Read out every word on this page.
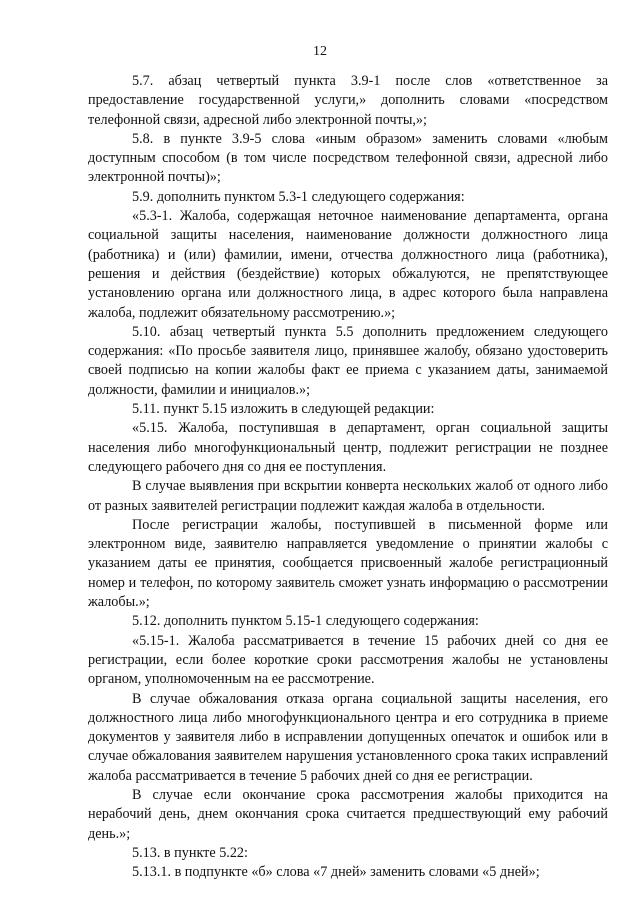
12

5.7. абзац четвертый пункта 3.9-1 после слов «ответственное за предоставление государственной услуги,» дополнить словами «посредством телефонной связи, адресной либо электронной почты,»;

5.8. в пункте 3.9-5 слова «иным образом» заменить словами «любым доступным способом (в том числе посредством телефонной связи, адресной либо электронной почты)»;

5.9. дополнить пунктом 5.3-1 следующего содержания:

«5.3-1. Жалоба, содержащая неточное наименование департамента, органа социальной защиты населения, наименование должности должностного лица (работника) и (или) фамилии, имени, отчества должностного лица (работника), решения и действия (бездействие) которых обжалуются, не препятствующее установлению органа или должностного лица, в адрес которого была направлена жалоба, подлежит обязательному рассмотрению.»;

5.10. абзац четвертый пункта 5.5 дополнить предложением следующего содержания: «По просьбе заявителя лицо, принявшее жалобу, обязано удостоверить своей подписью на копии жалобы факт ее приема с указанием даты, занимаемой должности, фамилии и инициалов.»;

5.11. пункт 5.15 изложить в следующей редакции:

«5.15. Жалоба, поступившая в департамент, орган социальной защиты населения либо многофункциональный центр, подлежит регистрации не позднее следующего рабочего дня со дня ее поступления.

В случае выявления при вскрытии конверта нескольких жалоб от одного либо от разных заявителей регистрации подлежит каждая жалоба в отдельности.

После регистрации жалобы, поступившей в письменной форме или электронном виде, заявителю направляется уведомление о принятии жалобы с указанием даты ее принятия, сообщается присвоенный жалобе регистрационный номер и телефон, по которому заявитель сможет узнать информацию о рассмотрении жалобы.»;

5.12. дополнить пунктом 5.15-1 следующего содержания:

«5.15-1. Жалоба рассматривается в течение 15 рабочих дней со дня ее регистрации, если более короткие сроки рассмотрения жалобы не установлены органом, уполномоченным на ее рассмотрение.

В случае обжалования отказа органа социальной защиты населения, его должностного лица либо многофункционального центра и его сотрудника в приеме документов у заявителя либо в исправлении допущенных опечаток и ошибок или в случае обжалования заявителем нарушения установленного срока таких исправлений жалоба рассматривается в течение 5 рабочих дней со дня ее регистрации.

В случае если окончание срока рассмотрения жалобы приходится на нерабочий день, днем окончания срока считается предшествующий ему рабочий день.»;

5.13. в пункте 5.22:

5.13.1. в подпункте «б» слова «7 дней» заменить словами «5 дней»;
